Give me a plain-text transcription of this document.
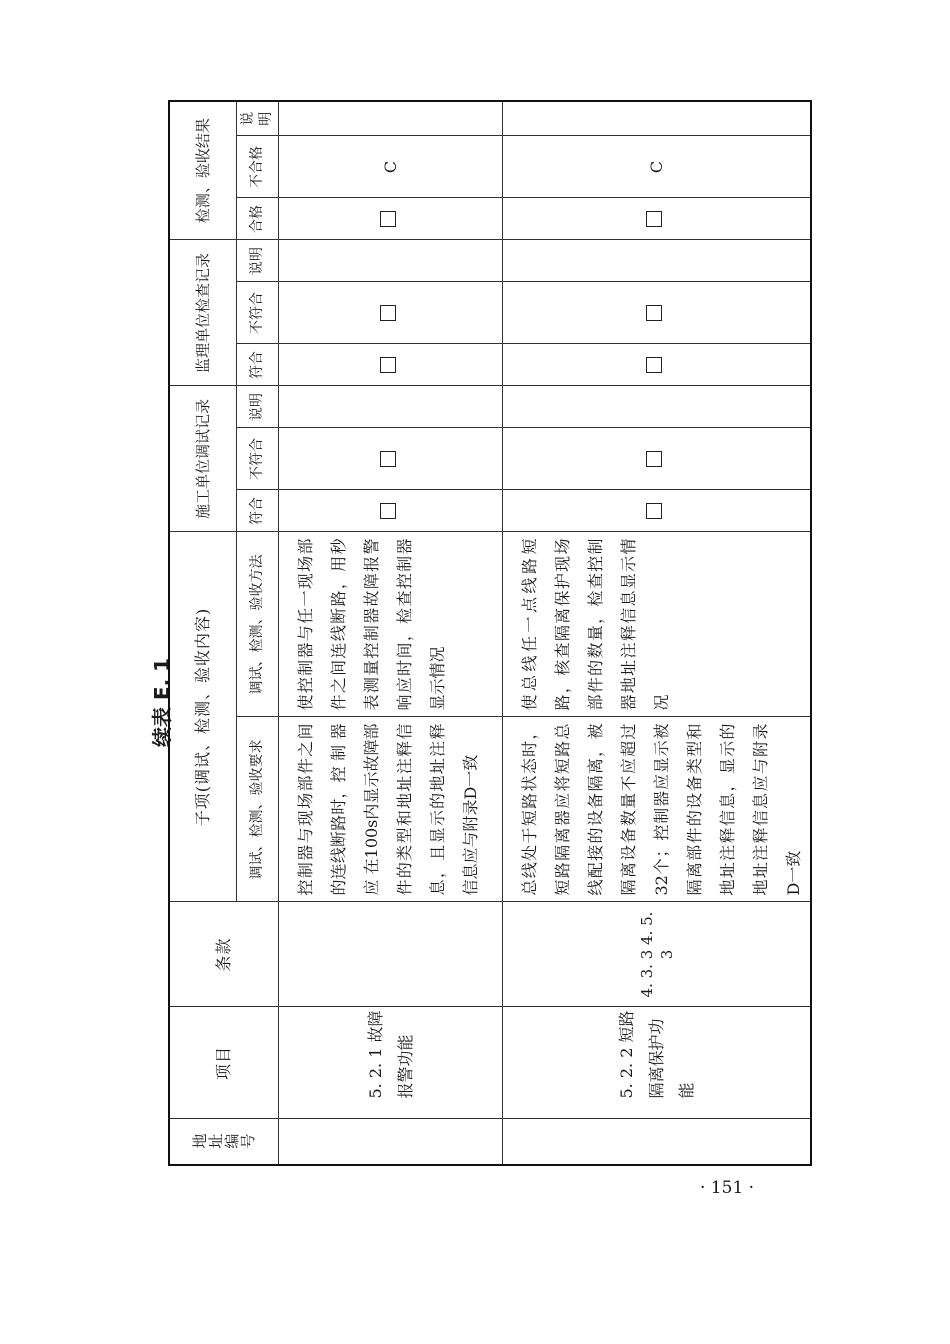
续表 E. 1
地址编号	项目	条款	子项(调试、检测、验收内容)		施工单位调试记录			监理单位检查记录			检测、验收结果		
			调试、检测、验收要求	调试、检测、验收方法	符合	不符合	说明	符合	不符合	说明	合格	不合格	说明
	5. 2. 1 故障报警功能		控制器与现场部件之间的连线断路时，控 制 器 应 在100s内显示故障部件的类型和地址注释信息，且显示的地址注释信息应与附录D一致	使控制器与任一现场部件之间连线断路，用秒表测量控制器故障报警响应时间，检查控制器显示情况								C	
	5. 2. 2 短路隔离保护功能	4. 3. 3 4. 5. 3	总线处于短路状态时，短路隔离器应将短路总线配接的设备隔离，被隔离设备数量不应超过32个；控制器应显示被隔离部件的设备类型和地址注释信息，显示的地址注释信息应与附录D一致	使总线任一点线路短路，核查隔离保护现场部件的数量，检查控制器地址注释信息显示情况								C	
· 151 ·
